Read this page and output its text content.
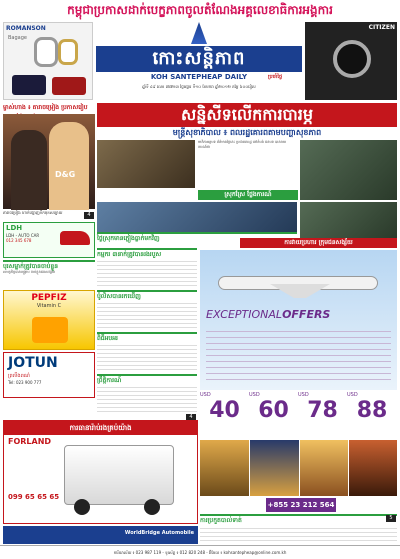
កម្ពុជាប្រកាសដាក់បេក្ខភាពចូលតំណែងអគ្គលេខាធិការអង្គការ
ROMANSON
Bagage
CITIZEN
កោះសន្តិភាព
KOH SANTEPHEAP DAILY	ប្រចាំថ្ងៃ
ឆ្នាំទី ៤៩ លេខ ៧៧២៣ ថ្ងៃអង្គារ ទី១០ ខែមករា ឆ្នាំ២០១២ តម្លៃ ៦០០រៀល
សន្និសីទលើកការបារម្ភ
មន្ត្រីសុខាភិបាល ៖ ពលរដ្ឋគោរពតាមបញ្ហាសុខភាព
ម្ចាស់ហាង ៖ តារាចម្រៀង ប្រកាសរៀប
D&G
តារាចម្រៀង ហាក់បង្ហាញទឹកមុខសប្បាយ	4
មាតិកាអត្ថបទ ព័ត៌មានថ្ងៃនេះ ប្រជាពលរដ្ឋ នៅតំបន់ ជនបទ បានរាយការណ៍ថា
ស្រុកស្រែ ថ្លែងការណ៍
ថ្ងៃស្រុកមានភ្លៀងធ្លាក់មកវិញ
ការវាយប្រហារ ក្រុមជនសង្ស័យ
LDH
LDH - AUTO CAR
012 345 678
បុរសម្នាក់ត្រូវបានចាប់ខ្លួន
សមត្ថកិច្ចបានបង្ក្រាប ចាប់ខ្លួនជនសង្ស័យ
PEPFIZ
Vitamin C
JOTUN
ព្រលឹងពណ៌
Tel: 023 900 777
កម្មករ ៣នាក់ត្រូវបានរងរបួស
ប៉ូលិសបានរកឃើញ
ពិធីអបអរ
ព្រឹត្តិការណ៍
4
EXCEPTIONALOFFERS
USD
40
USD
60
USD
78
USD
88
+855 23 212 564
ការធានារ៉ាប់រងគ្រប់យ៉ាង
FORLAND
099 65 65 65
WorldBridge Automobile
ការប្រកួតបាល់ទាត់	5
ការិយាល័យ ៖ 023 987 119 - ទូរស័ព្ទ ៖ 012 820 248 - អ៊ីមែល ៖ kohsantepheap@online.com.kh
